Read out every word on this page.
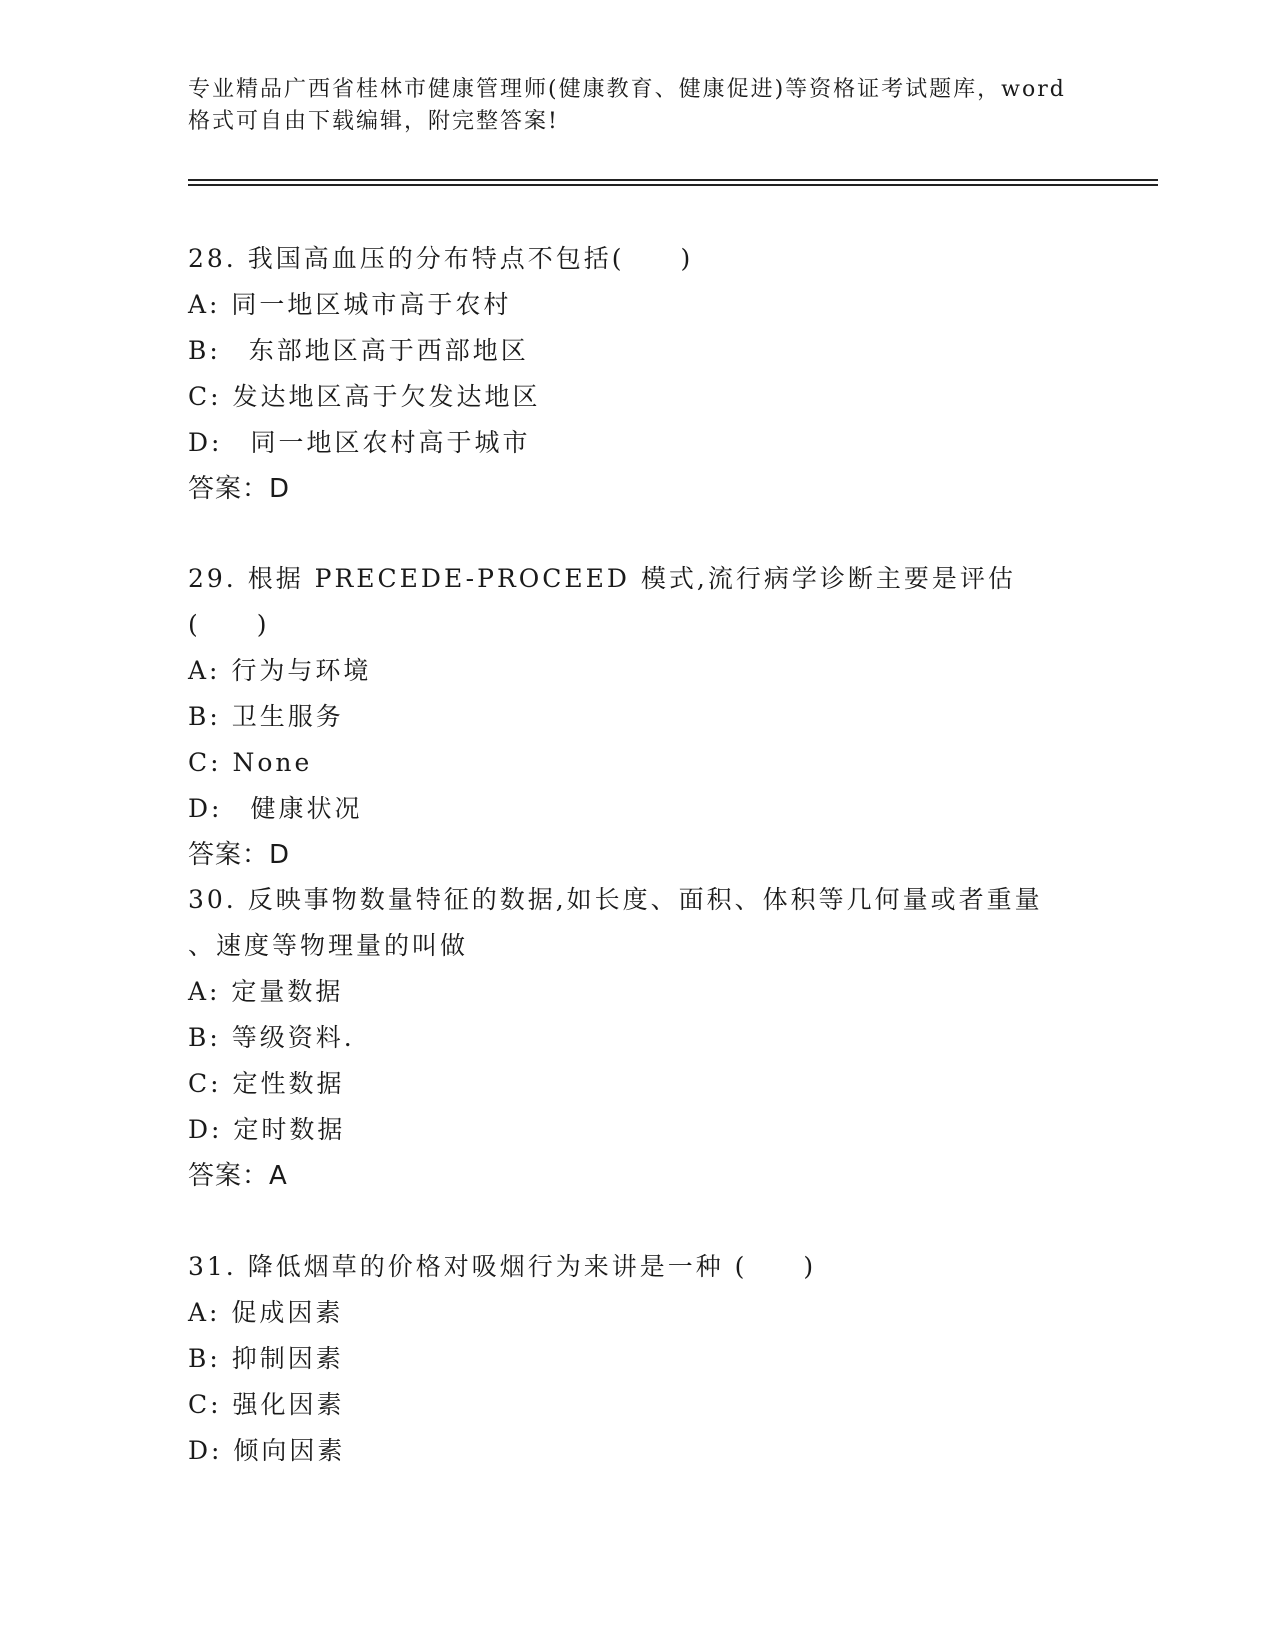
专业精品广西省桂林市健康管理师(健康教育、健康促进)等资格证考试题库，word
格式可自由下载编辑，附完整答案!
28. 我国高血压的分布特点不包括(　　)
A: 同一地区城市高于农村
B:　东部地区高于西部地区
C: 发达地区高于欠发达地区
D:　同一地区农村高于城市
答案：D
29. 根据 PRECEDE-PROCEED 模式,流行病学诊断主要是评估(　　)
A: 行为与环境
B: 卫生服务
C: None
D:　健康状况
答案：D
30. 反映事物数量特征的数据,如长度、面积、体积等几何量或者重量
、速度等物理量的叫做
A: 定量数据
B: 等级资料.
C: 定性数据
D: 定时数据
答案：A
31. 降低烟草的价格对吸烟行为来讲是一种 (　　)
A: 促成因素
B: 抑制因素
C: 强化因素
D: 倾向因素
